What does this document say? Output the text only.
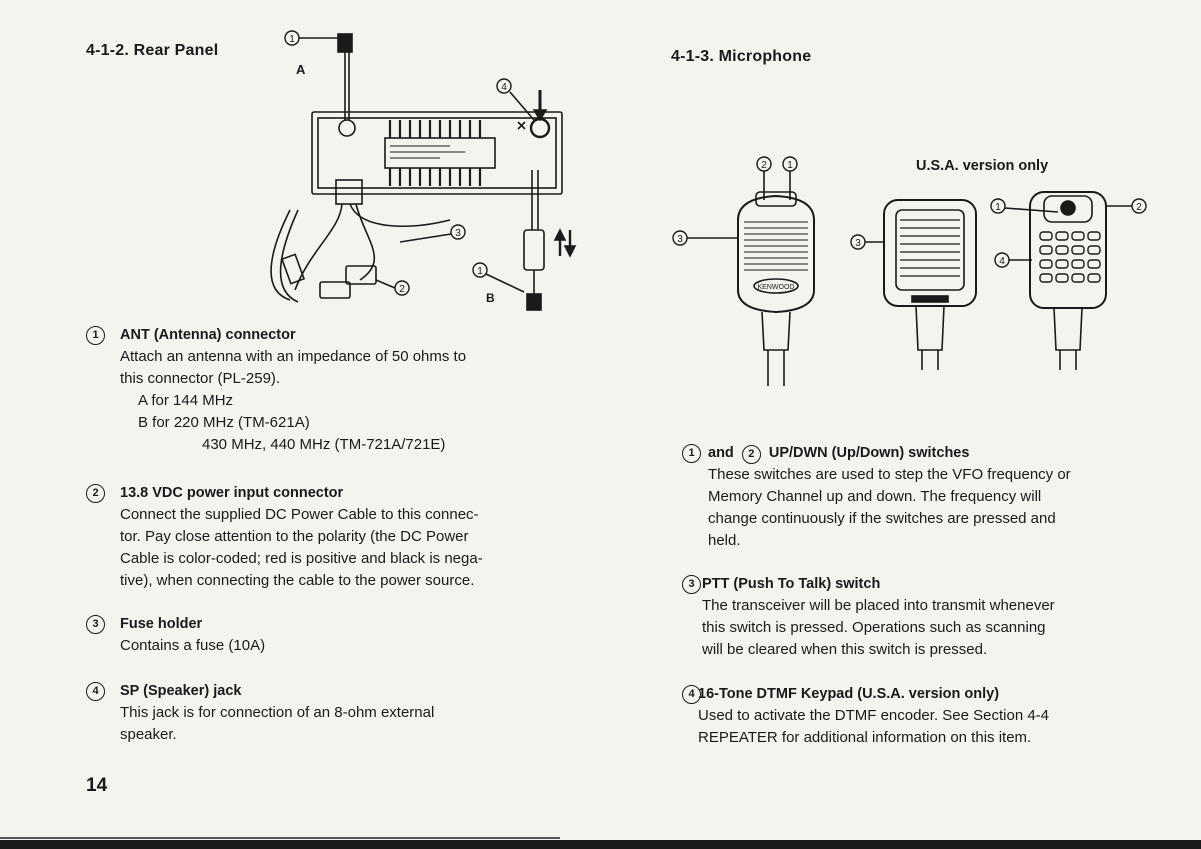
4-1-2. Rear Panel
1
4
3
2
1
A
B
1	ANT (Antenna) connector
Attach an antenna with an impedance of 50 ohms to
this connector (PL-259).
A for 144 MHz
B for 220 MHz (TM-621A)
430 MHz, 440 MHz (TM-721A/721E)
2	13.8 VDC power input connector
Connect the supplied DC Power Cable to this connec-
tor. Pay close attention to the polarity (the DC Power
Cable is color-coded; red is positive and black is nega-
tive), when connecting the cable to the power source.
3	Fuse holder
Contains a fuse (10A)
4	SP (Speaker) jack
This jack is for connection of an 8-ohm external
speaker.
14
4-1-3. Microphone
U.S.A. version only
2 1
3	3
1	2
4
KENWOOD
1 and 2 UP/DWN (Up/Down) switches
These switches are used to step the VFO frequency or
Memory Channel up and down. The frequency will
change continuously if the switches are pressed and
held.
3 PTT (Push To Talk) switch
The transceiver will be placed into transmit whenever
this switch is pressed. Operations such as scanning
will be cleared when this switch is pressed.
4 16-Tone DTMF Keypad (U.S.A. version only)
Used to activate the DTMF encoder. See Section 4-4
REPEATER for additional information on this item.
